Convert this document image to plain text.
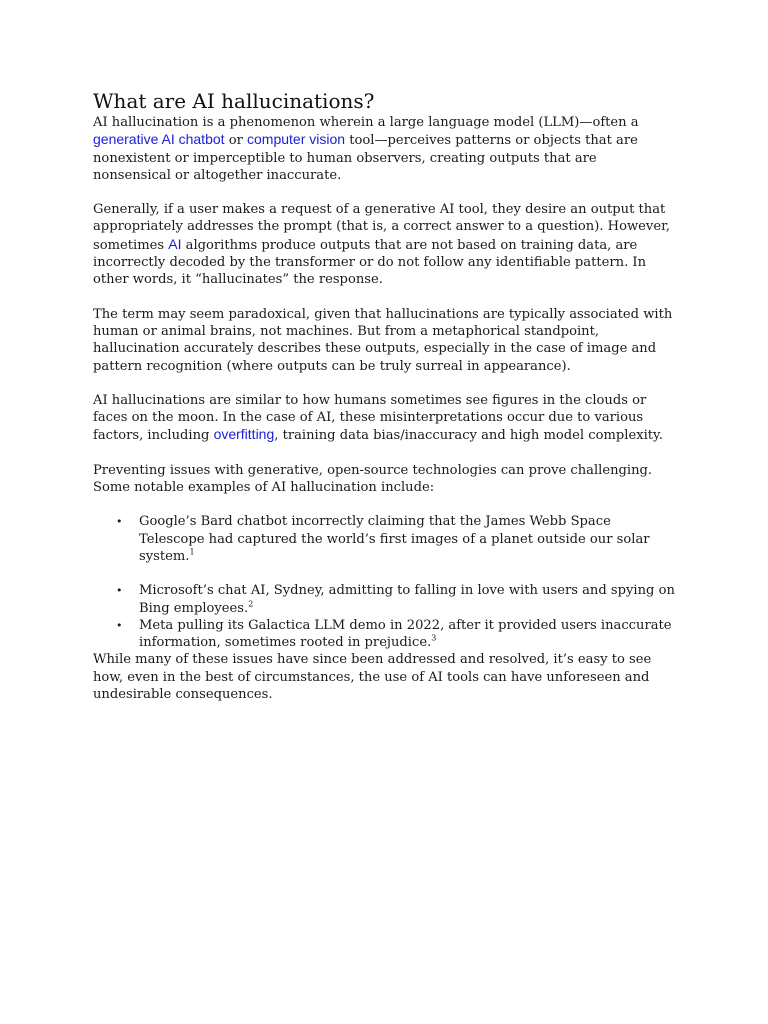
What are AI hallucinations?

AI hallucination is a phenomenon wherein a large language model (LLM)—often a generative AI chatbot or computer vision tool—perceives patterns or objects that are nonexistent or imperceptible to human observers, creating outputs that are nonsensical or altogether inaccurate.

Generally, if a user makes a request of a generative AI tool, they desire an output that appropriately addresses the prompt (that is, a correct answer to a question). However, sometimes AI algorithms produce outputs that are not based on training data, are incorrectly decoded by the transformer or do not follow any identifiable pattern. In other words, it “hallucinates” the response.

The term may seem paradoxical, given that hallucinations are typically associated with human or animal brains, not machines. But from a metaphorical standpoint, hallucination accurately describes these outputs, especially in the case of image and pattern recognition (where outputs can be truly surreal in appearance).

AI hallucinations are similar to how humans sometimes see figures in the clouds or faces on the moon. In the case of AI, these misinterpretations occur due to various factors, including overfitting, training data bias/inaccuracy and high model complexity.

Preventing issues with generative, open-source technologies can prove challenging. Some notable examples of AI hallucination include:

• Google’s Bard chatbot incorrectly claiming that the James Webb Space Telescope had captured the world’s first images of a planet outside our solar system.$^1$
• Microsoft’s chat AI, Sydney, admitting to falling in love with users and spying on Bing employees.$^2$
• Meta pulling its Galactica LLM demo in 2022, after it provided users inaccurate information, sometimes rooted in prejudice.$^3$

While many of these issues have since been addressed and resolved, it’s easy to see how, even in the best of circumstances, the use of AI tools can have unforeseen and undesirable consequences.
